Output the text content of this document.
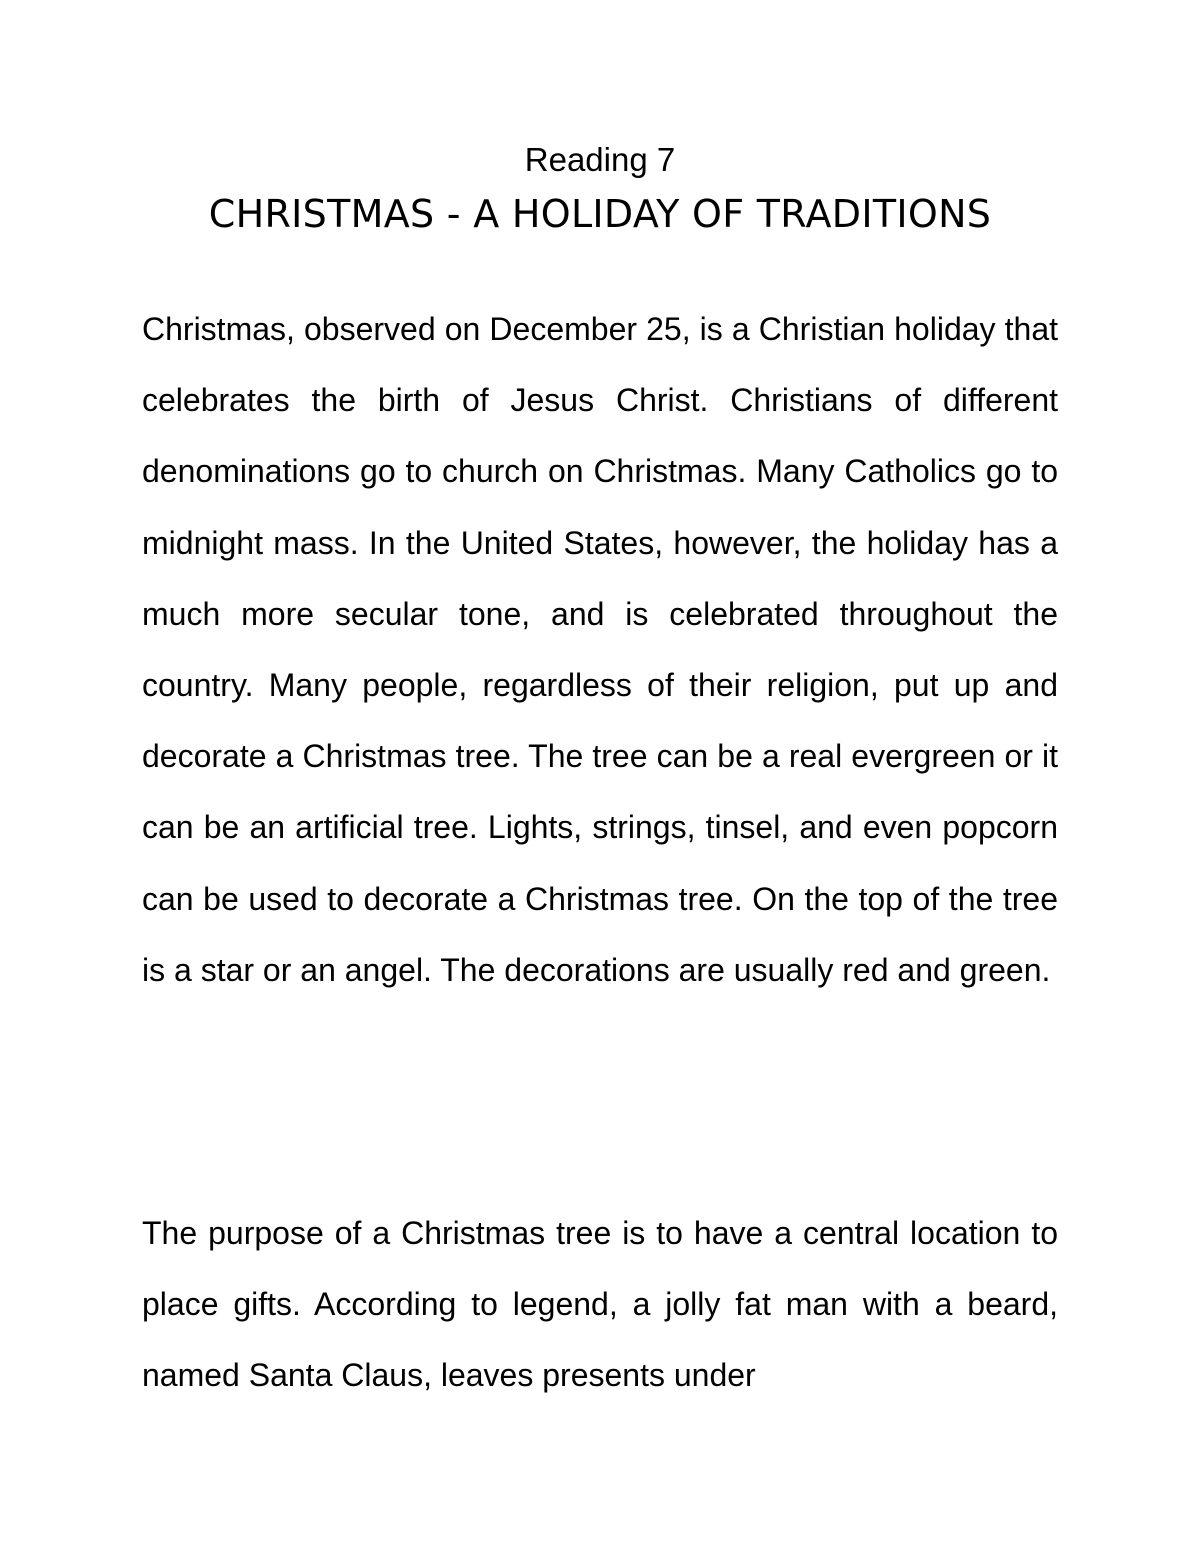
Reading 7
CHRISTMAS - A HOLIDAY OF TRADITIONS

Christmas, observed on December 25, is a Christian holiday that celebrates the birth of Jesus Christ. Christians of different denominations go to church on Christmas. Many Catholics go to midnight mass. In the United States, however, the holiday has a much more secular tone, and is celebrated throughout the country. Many people, regardless of their religion, put up and decorate a Christmas tree. The tree can be a real evergreen or it can be an artificial tree. Lights, strings, tinsel, and even popcorn can be used to decorate a Christmas tree. On the top of the tree is a star or an angel. The decorations are usually red and green.

The purpose of a Christmas tree is to have a central location to place gifts. According to legend, a jolly fat man with a beard, named Santa Claus, leaves presents under
